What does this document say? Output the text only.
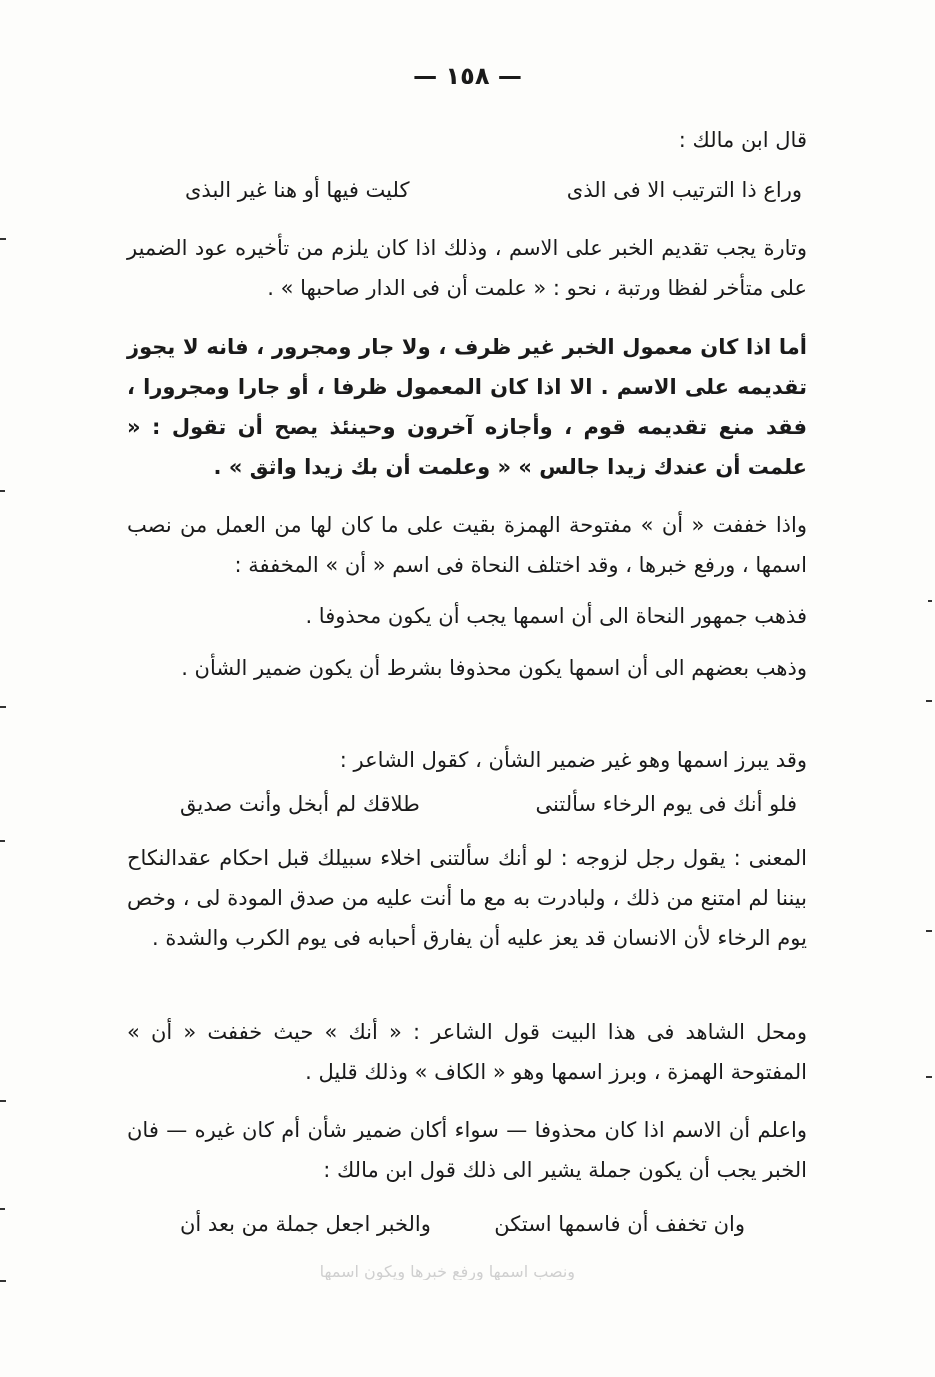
— ١٥٨ —
قال ابن مالك :
وراع ذا الترتيب الا فى الذى
كليت فيها أو هنا غير البذى
وتارة يجب تقديم الخبر على الاسم ، وذلك اذا كان يلزم من تأخيره عود الضمير على متأخر لفظا ورتبة ، نحو : « علمت أن فى الدار صاحبها » .
أما اذا كان معمول الخبر غير ظرف ، ولا جار ومجرور ، فانه لا يجوز تقديمه على الاسم . الا اذا كان المعمول ظرفا ، أو جارا ومجرورا ، فقد منع تقديمه قوم ، وأجازه آخرون وحينئذ يصح أن تقول : « علمت أن عندك زيدا جالس » « وعلمت أن بك زيدا واثق » .
واذا خففت « أن » مفتوحة الهمزة بقيت على ما كان لها من العمل من نصب اسمها ، ورفع خبرها ، وقد اختلف النحاة فى اسم « أن » المخففة :
فذهب جمهور النحاة الى أن اسمها يجب أن يكون محذوفا .
وذهب بعضهم الى أن اسمها يكون محذوفا بشرط أن يكون ضمير الشأن .
وقد يبرز اسمها وهو غير ضمير الشأن ، كقول الشاعر :
فلو أنك فى يوم الرخاء سألتنى
طلاقك لم أبخل وأنت صديق
المعنى : يقول رجل لزوجه : لو أنك سألتنى اخلاء سبيلك قبل احكام عقدالنكاح بيننا لم امتنع من ذلك ، ولبادرت به مع ما أنت عليه من صدق المودة لى ، وخص يوم الرخاء لأن الانسان قد يعز عليه أن يفارق أحبابه فى يوم الكرب والشدة .
ومحل الشاهد فى هذا البيت قول الشاعر : « أنك » حيث خففت « أن » المفتوحة الهمزة ، وبرز اسمها وهو « الكاف » وذلك قليل .
واعلم أن الاسم اذا كان محذوفا — سواء أكان ضمير شأن أم كان غيره — فان الخبر يجب أن يكون جملة يشير الى ذلك قول ابن مالك :
وان تخفف أن فاسمها استكن
والخبر اجعل جملة من بعد أن
ونصب اسمها ورفع خبرها ويكون اسمها
